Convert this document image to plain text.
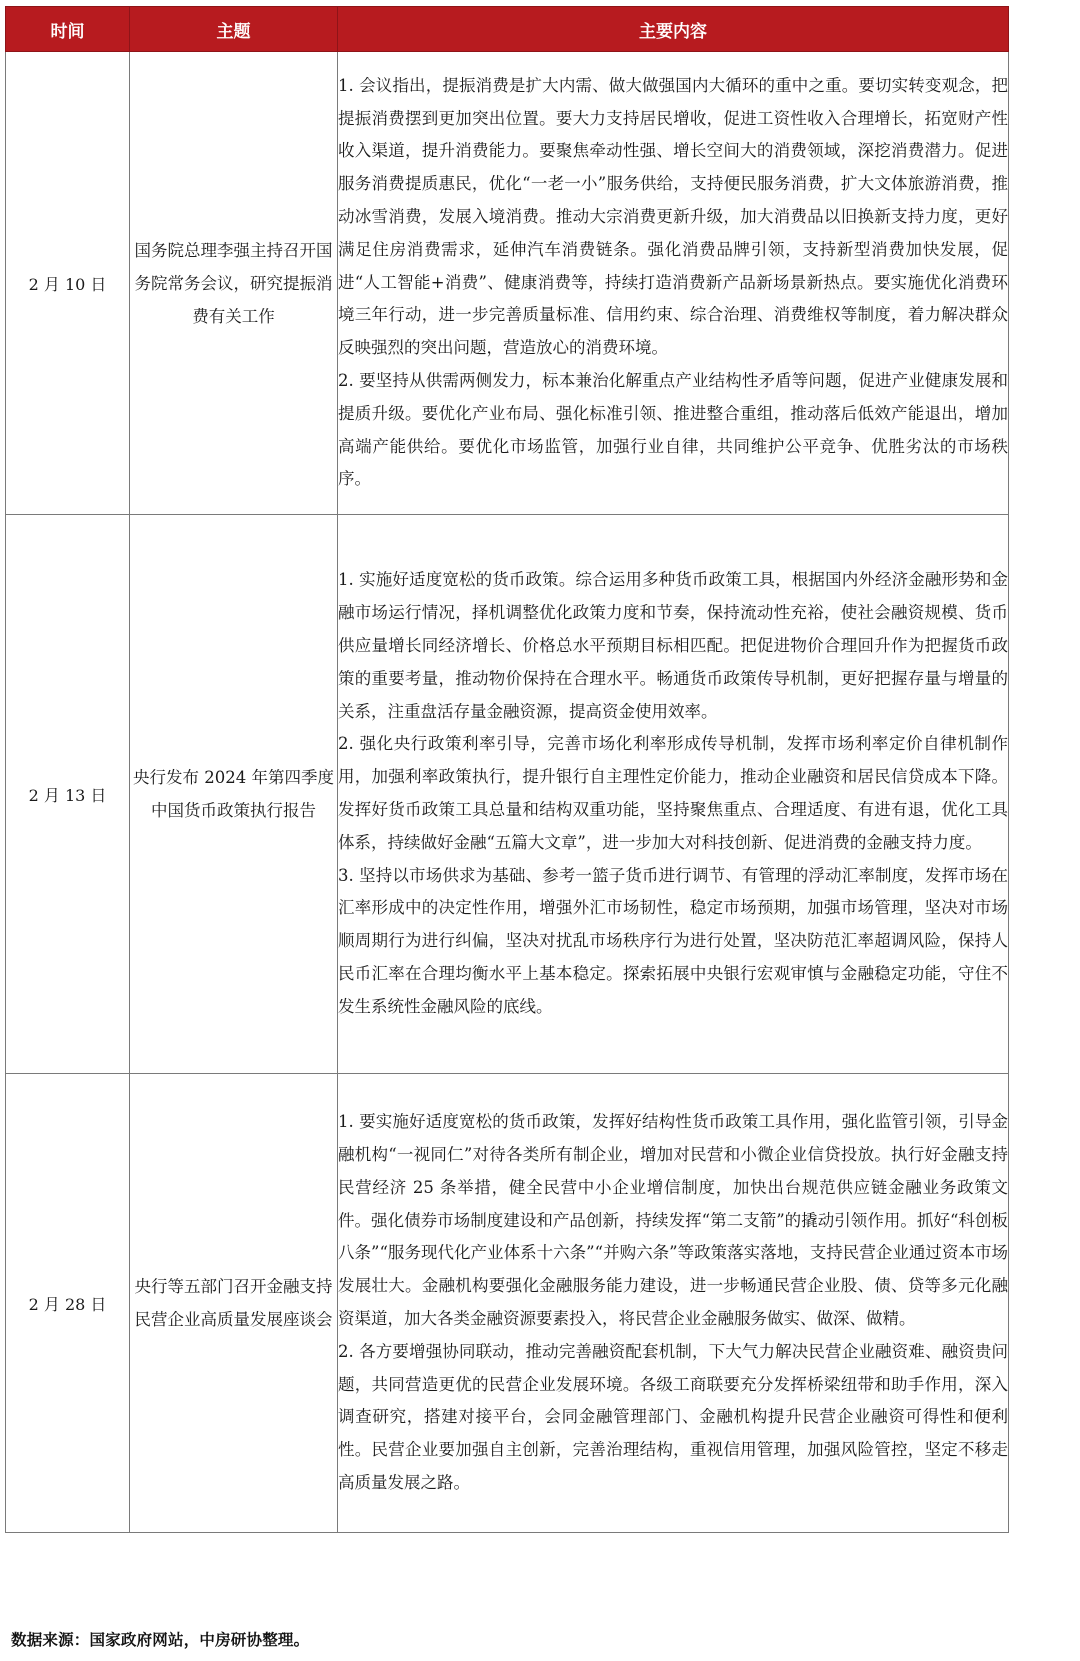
时间	主题	主要内容
2 月 10 日	国务院总理李强主持召开国务院常务会议，研究提振消费有关工作	1. 会议指出，提振消费是扩大内需、做大做强国内大循环的重中之重。要切实转变观念，把提振消费摆到更加突出位置。要大力支持居民增收，促进工资性收入合理增长，拓宽财产性收入渠道，提升消费能力。要聚焦牵动性强、增长空间大的消费领域，深挖消费潜力。促进服务消费提质惠民，优化“一老一小”服务供给，支持便民服务消费，扩大文体旅游消费，推动冰雪消费，发展入境消费。推动大宗消费更新升级，加大消费品以旧换新支持力度，更好满足住房消费需求，延伸汽车消费链条。强化消费品牌引领，支持新型消费加快发展，促进“人工智能+消费”、健康消费等，持续打造消费新产品新场景新热点。要实施优化消费环境三年行动，进一步完善质量标准、信用约束、综合治理、消费维权等制度，着力解决群众反映强烈的突出问题，营造放心的消费环境。

2. 要坚持从供需两侧发力，标本兼治化解重点产业结构性矛盾等问题，促进产业健康发展和提质升级。要优化产业布局、强化标准引领、推进整合重组，推动落后低效产能退出，增加高端产能供给。要优化市场监管，加强行业自律，共同维护公平竞争、优胜劣汰的市场秩序。

2 月 13 日	央行发布 2024 年第四季度中国货币政策执行报告	1. 实施好适度宽松的货币政策。综合运用多种货币政策工具，根据国内外经济金融形势和金融市场运行情况，择机调整优化政策力度和节奏，保持流动性充裕，使社会融资规模、货币供应量增长同经济增长、价格总水平预期目标相匹配。把促进物价合理回升作为把握货币政策的重要考量，推动物价保持在合理水平。畅通货币政策传导机制，更好把握存量与增量的关系，注重盘活存量金融资源，提高资金使用效率。

2. 强化央行政策利率引导，完善市场化利率形成传导机制，发挥市场利率定价自律机制作用，加强利率政策执行，提升银行自主理性定价能力，推动企业融资和居民信贷成本下降。发挥好货币政策工具总量和结构双重功能，坚持聚焦重点、合理适度、有进有退，优化工具体系，持续做好金融“五篇大文章”，进一步加大对科技创新、促进消费的金融支持力度。

3. 坚持以市场供求为基础、参考一篮子货币进行调节、有管理的浮动汇率制度，发挥市场在汇率形成中的决定性作用，增强外汇市场韧性，稳定市场预期，加强市场管理，坚决对市场顺周期行为进行纠偏，坚决对扰乱市场秩序行为进行处置，坚决防范汇率超调风险，保持人民币汇率在合理均衡水平上基本稳定。探索拓展中央银行宏观审慎与金融稳定功能，守住不发生系统性金融风险的底线。

2 月 28 日	央行等五部门召开金融支持民营企业高质量发展座谈会	1. 要实施好适度宽松的货币政策，发挥好结构性货币政策工具作用，强化监管引领，引导金融机构“一视同仁”对待各类所有制企业，增加对民营和小微企业信贷投放。执行好金融支持民营经济 25 条举措，健全民营中小企业增信制度，加快出台规范供应链金融业务政策文件。强化债券市场制度建设和产品创新，持续发挥“第二支箭”的撬动引领作用。抓好“科创板八条”“服务现代化产业体系十六条”“并购六条”等政策落实落地，支持民营企业通过资本市场发展壮大。金融机构要强化金融服务能力建设，进一步畅通民营企业股、债、贷等多元化融资渠道，加大各类金融资源要素投入，将民营企业金融服务做实、做深、做精。

2. 各方要增强协同联动，推动完善融资配套机制，下大气力解决民营企业融资难、融资贵问题，共同营造更优的民营企业发展环境。各级工商联要充分发挥桥梁纽带和助手作用，深入调查研究，搭建对接平台，会同金融管理部门、金融机构提升民营企业融资可得性和便利性。民营企业要加强自主创新，完善治理结构，重视信用管理，加强风险管控，坚定不移走高质量发展之路。

数据来源：国家政府网站，中房研协整理。
